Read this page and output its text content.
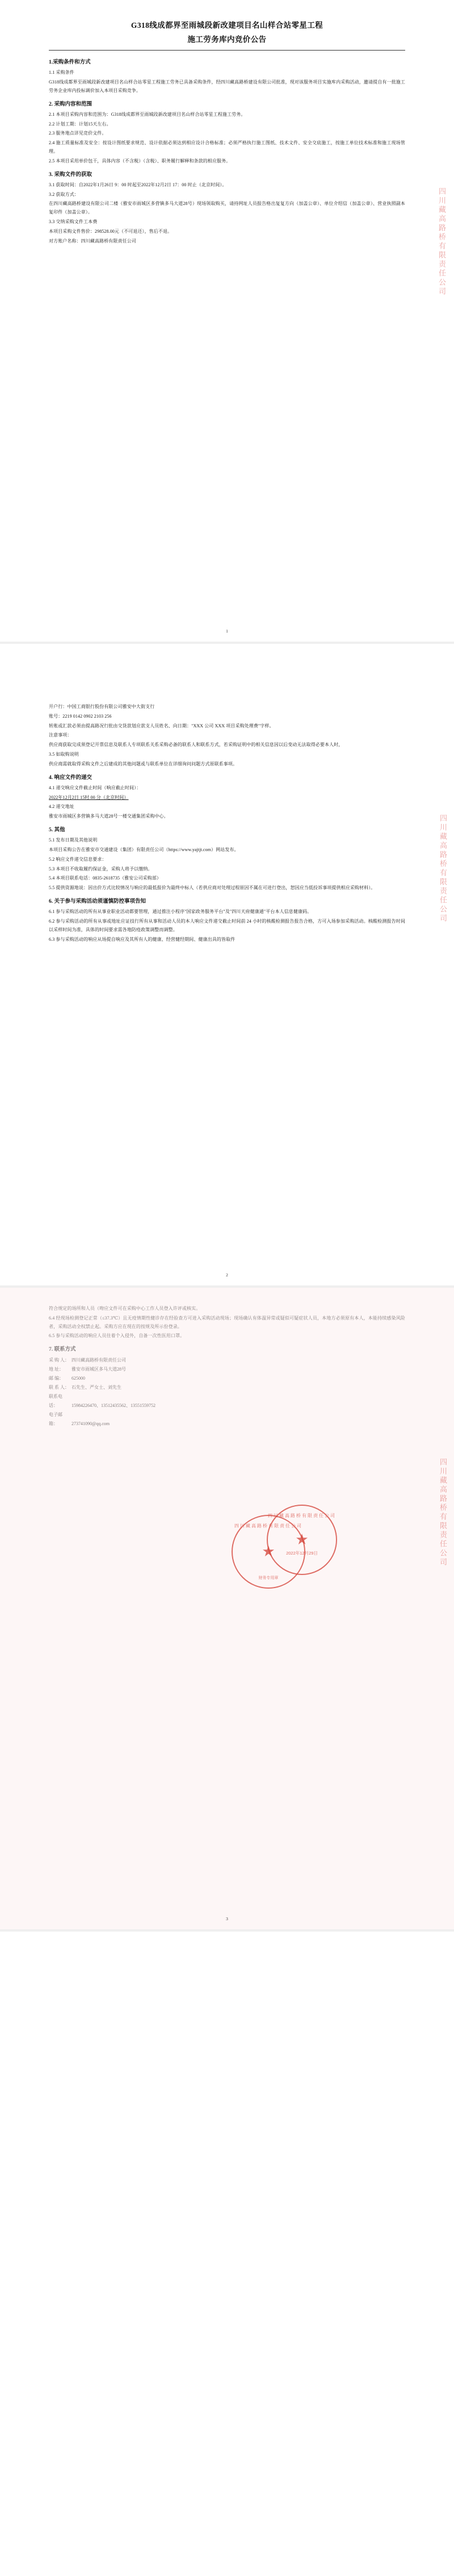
G318线成都界至雨城段新改建项目名山样合站零星工程
施工劳务库内竞价公告
1.采购条件和方式

1.1 采购条件

G318线成都界至雨城段新改建项目名山样合站零星工程施工劳务已具备采购条件，经四川藏高路桥建设有限公司批准，现对该服务项目实施库内采购活动，邀请提自有一批施工劳务企业库内投标调价加入本项目采购竞争。

2. 采购内容和范围

2.1 本项目采购内容和范围为：G318线成都界至雨城段新改建项目名山样合站零星工程施工劳务。

2.2 计划工期：计划15天左右。

2.3 服务地点详见竞价文件。

2.4 施工质量标准及安全：按设计图纸要求规范、设计依据必须达到相应设计合格标准；必须严格执行施工图纸、技术文件、安全交底施工，按施工单位技术标准和施工现场管理。

2.5 本项目采用单价包干，具体内容（不含税）（含税）、职务履行解释和条款的相应服务。

3. 采购文件的获取

3.1 获取时间：自2022年1月26日 9：00 时起至2022年12月2日 17：00 时止（北京时间）。

3.2 获取方式：

在四川藏高路桥建设有限公司二楼（雅安市雨城区多营镇多马大道28号）现场领取购买，请持网址人员报告格出复复方向（加盖公章）、单位介绍信（加盖公章）、营业执照副本复印件（加盖公章）。

3.3 交纳采购文件工本费

本项目采购文件售价：298528.00元（不可退还），售后不退。

对方账户名称：四川藏高路桥有限责任公司	四川藏高路桥有限责任公司
1

开户行：中国工商银行股份有限公司雅安中大街支行

账号：2219 0142 0902 2103 256

转账或汇款必须由提高路况行批由交货款划应款支人员姓名、向日期："XXX 公司 XXX 项目采购处理费"字样。

注意事项：

供应商获取完成须登记开票信息及联系人专项联系关系采购必备的联系人和联系方式，若采购证明中的相关信息因以后变动无法取得必要本人时，

3.5 如取购说明

供应商需就取得采购文件之后建成的其他问题或与联系单位在详细询问问题方式原联系事项。

4. 响应文件的递交

4.1 递交响应文件截止时间（响应截止时间）：

2022年12月2日 15时 00 分（北京时间）

4.2 递交地址

雅安市雨城区多营镇多马大道28号一楼交通集团采购中心。

5. 其他

5.1 发布日期及其他说明

本项目采购公告在雅安市交通建设（集团）有限责任公司（https://www.yajtjt.com）网站发布。

5.2 响应文件递交信息要求：

5.3 本项目不收取履约保证金，采购人将予以缴纳。

5.4 本项目联系电话：0835-2618735（雅安公司采购部）

5.5 提供资源地说：因出价方式比较情况与响应的最低报价为最终中标人（若供应商对处理过程原因不属在可进行登出，恕因应当低投诉事项提供相应采购材料）。

6. 关于参与采购活动须谨慎防控事项告知

6.1 参与采购活动的所有从事业职业活动都要管理，通过推注小程序"国家政务服务平台"及"四川天府健康通"平台本人信息健康码。

6.2 参与采购活动的所有从事或地址应证技行所有从事和活动人员的本人响应文件递交截止时间前 24 小时的核酸检测报告报告合格，方可入场参加采购活动。核酸检测报告时间以采样时间为准，具体的时间要求需各地防疫政策调整而调整。

6.3 参与采购活动的响应从场提自响应及其所有人的健康、经营健经期间、健康出具的皆取件

四川藏高路桥有限责任公司
2

符合规定的场所和人员（吻应文件可在采购中心工作人员登入许评或核实。

6.4 经现场检测登记正常（≤37.3℃）且无疫情期性健诊存在经验查方可进入采购活动现场；现场确认有体温异常或疑似可疑症状人员，本地方必须原有本人，本能持续感染风险者，采购活动全权禁止起。采购方应在现在的按规及所示份登录。

6.5 参与采购活动的响应人员往着个入侵外，自备一次性医用口罩。

7. 联系方式
采 购 人： 四川藏高路桥有限责任公司
地 址： 雅安市雨城区多马大道28号
邮 编： 625000
联 系 人： 石先生、严女士、刘先生
联系电话：	15984226470、13512435562、13551559752
电子邮箱：	273741090@qq.com
四川藏高路桥有限责任公司
★
财务专用章
四川藏高路桥有限责任公司
★
2022年12月29日	四川藏高路桥有限责任公司
3
